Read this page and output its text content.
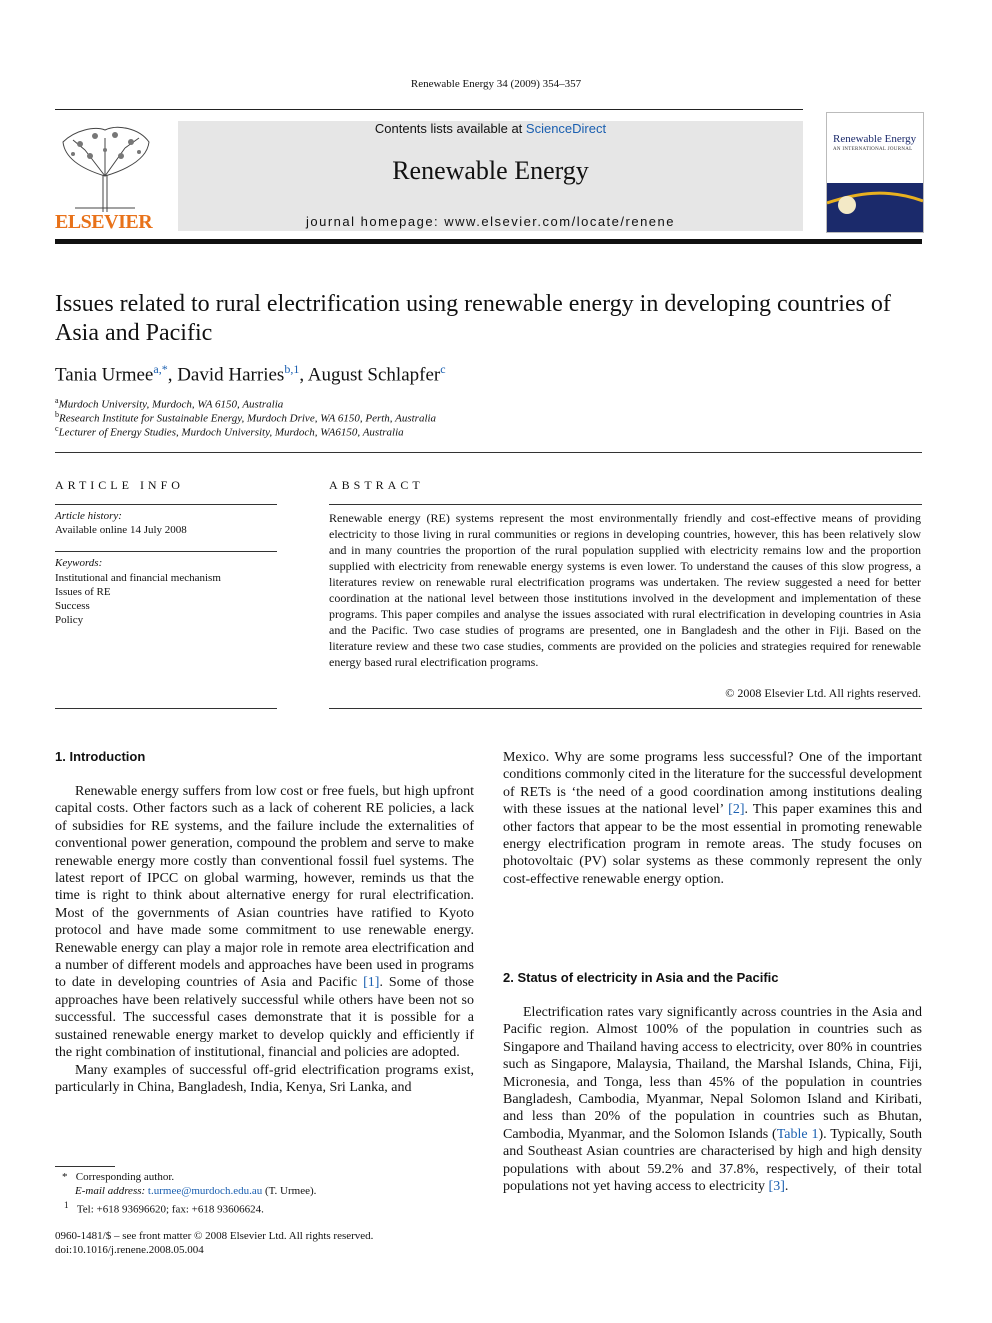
Renewable Energy 34 (2009) 354–357
ELSEVIER
Contents lists available at ScienceDirect
Renewable Energy
journal homepage: www.elsevier.com/locate/renene
Renewable Energy
AN INTERNATIONAL JOURNAL
Issues related to rural electrification using renewable energy in developing countries of Asia and Pacific
Tania Urmee$^{a,*}$, David Harries$^{b,1}$, August Schlapfer$^c$
$^a$Murdoch University, Murdoch, WA 6150, Australia
$^b$Research Institute for Sustainable Energy, Murdoch Drive, WA 6150, Perth, Australia
$^c$Lecturer of Energy Studies, Murdoch University, Murdoch, WA6150, Australia
ARTICLE INFO
Article history:
Available online 14 July 2008
Keywords:
Institutional and financial mechanism
Issues of RE
Success
Policy
ABSTRACT
Renewable energy (RE) systems represent the most environmentally friendly and cost-effective means of providing electricity to those living in rural communities or regions in developing countries, however, this has been relatively slow and in many countries the proportion of the rural population supplied with electricity remains low and the proportion supplied with electricity from renewable energy systems is even lower. To understand the causes of this slow progress, a literatures review on renewable rural electrification programs was undertaken. The review suggested a need for better coordination at the national level between those institutions involved in the development and implementation of these programs. This paper compiles and analyse the issues associated with rural electrification in developing countries in Asia and the Pacific. Two case studies of programs are presented, one in Bangladesh and the other in Fiji. Based on the literature review and these two case studies, comments are provided on the policies and strategies required for renewable energy based rural electrification programs.
© 2008 Elsevier Ltd. All rights reserved.
1. Introduction

Renewable energy suffers from low cost or free fuels, but high upfront capital costs. Other factors such as a lack of coherent RE policies, a lack of subsidies for RE systems, and the failure include the externalities of conventional power generation, compound the problem and serve to make renewable energy more costly than conventional fossil fuel systems. The latest report of IPCC on global warming, however, reminds us that the time is right to think about alternative energy for rural electrification. Most of the governments of Asian countries have ratified to Kyoto protocol and have made some commitment to use renewable energy. Renewable energy can play a major role in remote area electrification and a number of different models and approaches have been used in programs to date in developing countries of Asia and Pacific [1]. Some of those approaches have been relatively successful while others have been not so successful. The successful cases demonstrate that it is possible for a sustained renewable energy market to develop quickly and efficiently if the right combination of institutional, financial and policies are adopted.

Many examples of successful off-grid electrification programs exist, particularly in China, Bangladesh, India, Kenya, Sri Lanka, and

* Corresponding author.
E-mail address: t.urmee@murdoch.edu.au (T. Urmee).
$^1$ Tel: +618 93696620; fax: +618 93606624.
0960-1481/$ – see front matter © 2008 Elsevier Ltd. All rights reserved.
doi:10.1016/j.renene.2008.05.004

Mexico. Why are some programs less successful? One of the important conditions commonly cited in the literature for the successful development of RETs is ‘the need of a good coordination among institutions dealing with these issues at the national level’ [2]. This paper examines this and other factors that appear to be the most essential in promoting renewable energy electrification program in remote areas. The study focuses on photovoltaic (PV) solar systems as these commonly represent the only cost-effective renewable energy option.

2. Status of electricity in Asia and the Pacific

Electrification rates vary significantly across countries in the Asia and Pacific region. Almost 100% of the population in countries such as Singapore and Thailand having access to electricity, over 80% in countries such as Singapore, Malaysia, Thailand, the Marshal Islands, China, Fiji, Micronesia, and Tonga, less than 45% of the population in countries Bangladesh, Cambodia, Myanmar, Nepal Solomon Island and Kiribati, and less than 20% of the population in countries such as Bhutan, Cambodia, Myanmar, and the Solomon Islands (Table 1). Typically, South and Southeast Asian countries are characterised by high and high density populations with about 59.2% and 37.8%, respectively, of their total populations not yet having access to electricity [3].
